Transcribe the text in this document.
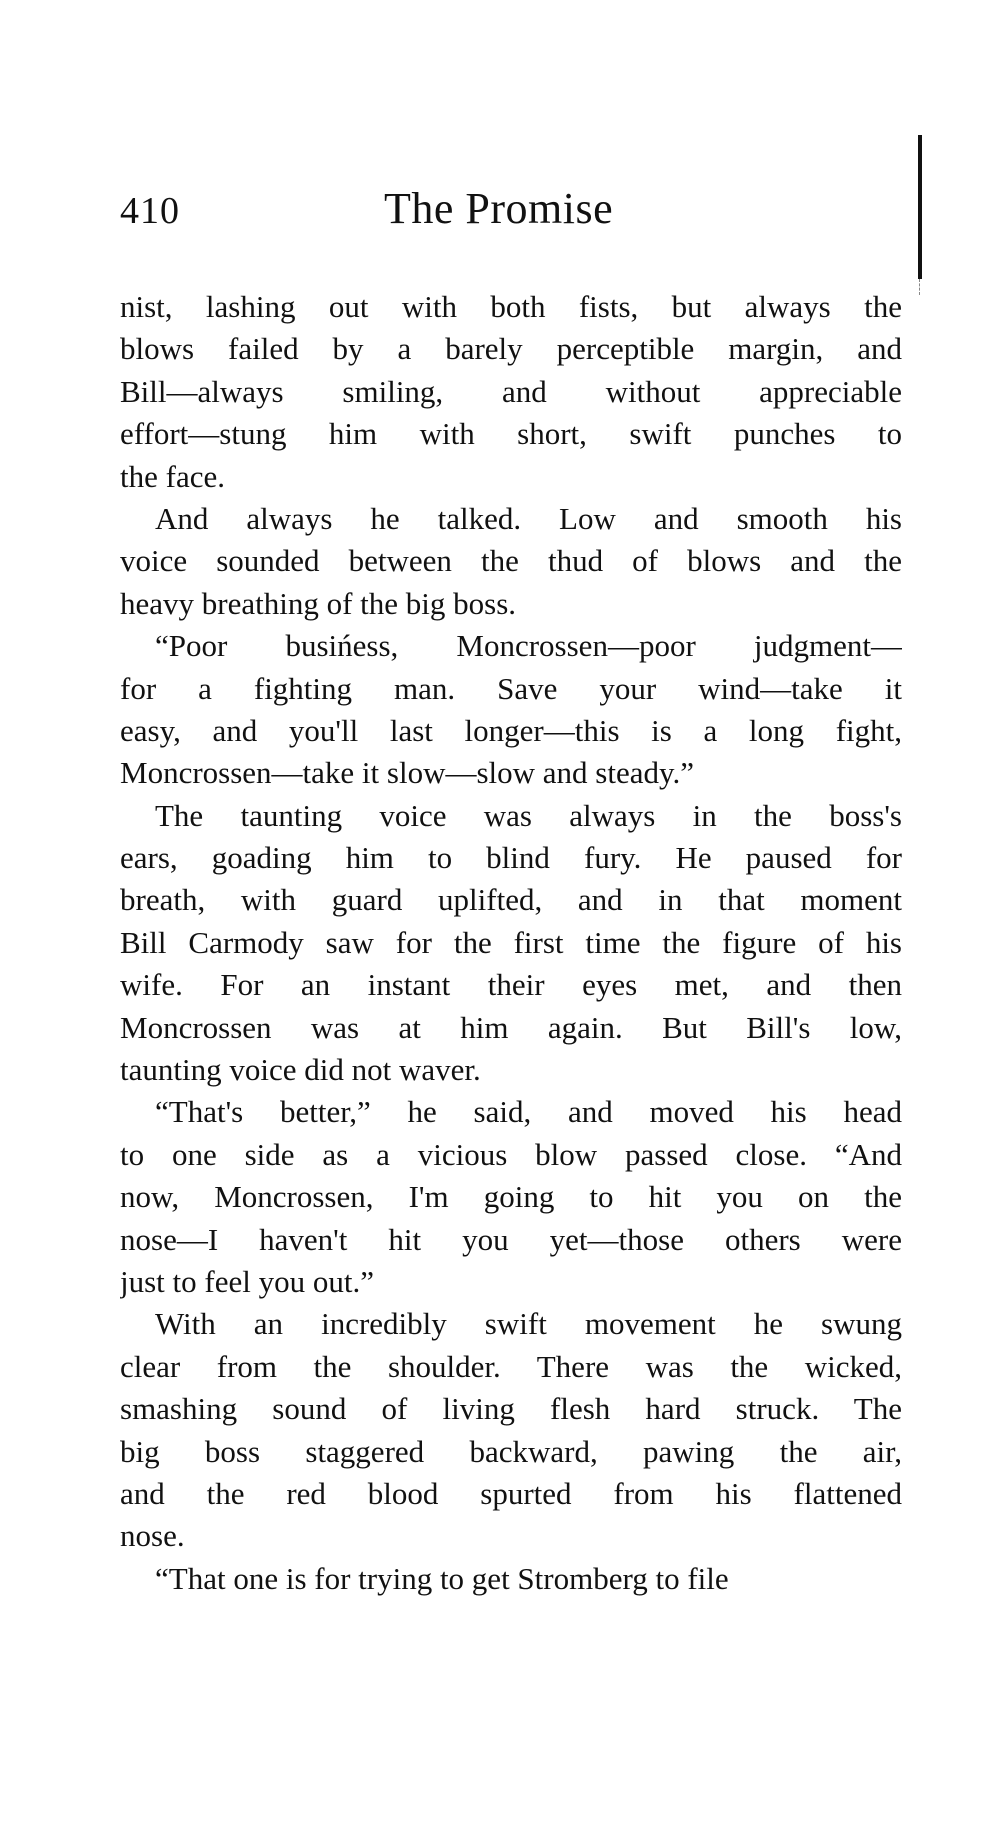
410	The Promise
nist, lashing out with both fists, but always the
blows failed by a barely perceptible margin, and
Bill—always smiling, and without appreciable
effort—stung him with short, swift punches to
the face.
And always he talked. Low and smooth his
voice sounded between the thud of blows and the
heavy breathing of the big boss.
“Poor busińess, Moncrossen—poor judgment—
for a fighting man. Save your wind—take it
easy, and you'll last longer—this is a long fight,
Moncrossen—take it slow—slow and steady.”
The taunting voice was always in the boss's
ears, goading him to blind fury. He paused for
breath, with guard uplifted, and in that moment
Bill Carmody saw for the first time the figure of his
wife. For an instant their eyes met, and then
Moncrossen was at him again. But Bill's low,
taunting voice did not waver.
“That's better,” he said, and moved his head
to one side as a vicious blow passed close. “And
now, Moncrossen, I'm going to hit you on the
nose—I haven't hit you yet—those others were
just to feel you out.”
With an incredibly swift movement he swung
clear from the shoulder. There was the wicked,
smashing sound of living flesh hard struck. The
big boss staggered backward, pawing the air,
and the red blood spurted from his flattened
nose.
“That one is for trying to get Stromberg to file
